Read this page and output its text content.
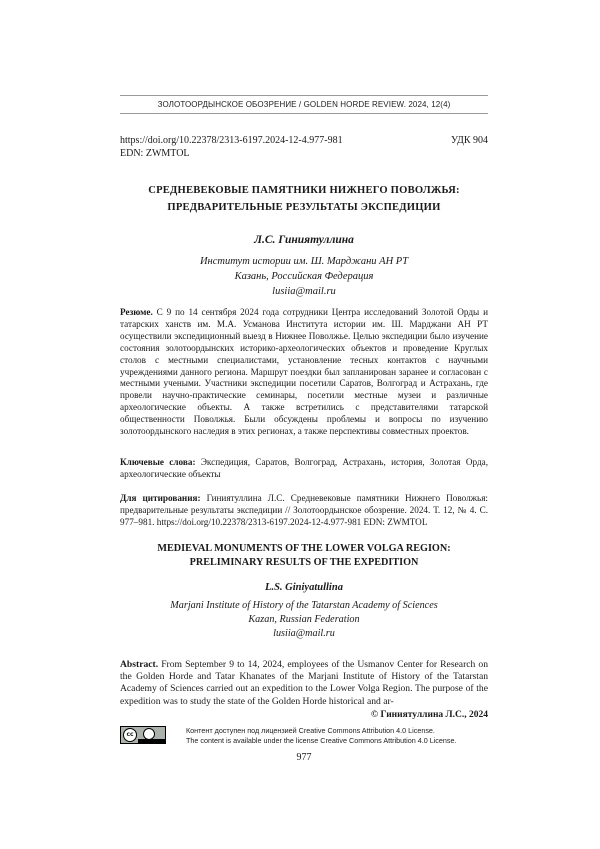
ЗОЛОТООРДЫНСКОЕ ОБОЗРЕНИЕ / GOLDEN HORDE REVIEW. 2024, 12(4)
https://doi.org/10.22378/2313-6197.2024-12-4.977-981
EDN: ZWMTOL
УДК 904
СРЕДНЕВЕКОВЫЕ ПАМЯТНИКИ НИЖНЕГО ПОВОЛЖЬЯ:
ПРЕДВАРИТЕЛЬНЫЕ РЕЗУЛЬТАТЫ ЭКСПЕДИЦИИ
Л.С. Гиниятуллина
Институт истории им. Ш. Марджани АН РТ
Казань, Российская Федерация
lusiia@mail.ru
Резюме. С 9 по 14 сентября 2024 года сотрудники Центра исследований Золотой Орды и татарских ханств им. М.А. Усманова Института истории им. Ш. Марджани АН РТ осуществили экспедиционный выезд в Нижнее Поволжье. Целью экспедиции было изучение состояния золотоордынских историко-археологических объектов и проведение Круглых столов с местными специалистами, установление тесных контактов с научными учреждениями данного региона. Маршрут поездки был запланирован заранее и согласован с местными учеными. Участники экспедиции посетили Саратов, Волгоград и Астрахань, где провели научно-практические семинары, посетили местные музеи и различные археологические объекты. А также встретились с представителями татарской общественности Поволжья. Были обсуждены проблемы и вопросы по изучению золотоордынского наследия в этих регионах, а также перспективы совместных проектов.
Ключевые слова: Экспедиция, Саратов, Волгоград, Астрахань, история, Золотая Орда, археологические объекты
Для цитирования: Гиниятуллина Л.С. Средневековые памятники Нижнего Поволжья: предварительные результаты экспедиции // Золотоордынское обозрение. 2024. Т. 12, № 4. С. 977–981. https://doi.org/10.22378/2313-6197.2024-12-4.977-981 EDN: ZWMTOL
MEDIEVAL MONUMENTS OF THE LOWER VOLGA REGION:
PRELIMINARY RESULTS OF THE EXPEDITION
L.S. Giniyatullina
Marjani Institute of History of the Tatarstan Academy of Sciences
Kazan, Russian Federation
lusiia@mail.ru
Abstract. From September 9 to 14, 2024, employees of the Usmanov Center for Research on the Golden Horde and Tatar Khanates of the Marjani Institute of History of the Tatarstan Academy of Sciences carried out an expedition to the Lower Volga Region. The purpose of the expedition was to study the state of the Golden Horde historical and ar-
© Гиниятуллина Л.С., 2024
cc	Контент доступен под лицензией Creative Commons Attribution 4.0 License.
The content is available under the license Creative Commons Attribution 4.0 License.
977
